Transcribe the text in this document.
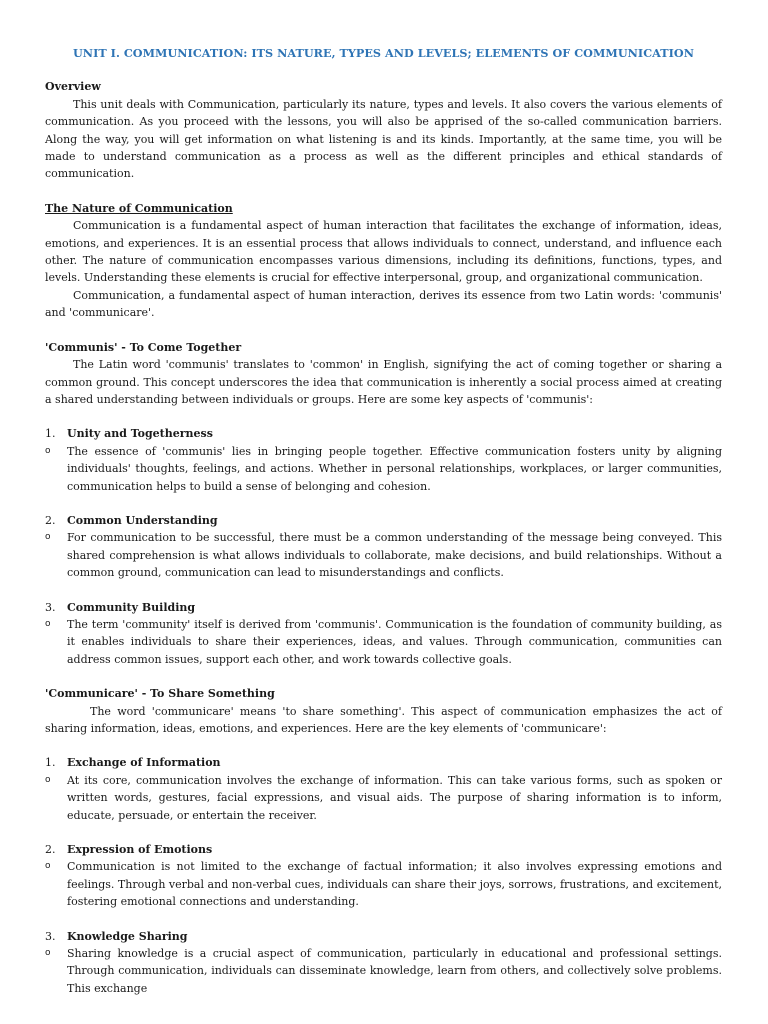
UNIT I. COMMUNICATION: ITS NATURE, TYPES AND LEVELS; ELEMENTS OF COMMUNICATION
Overview

This unit deals with Communication, particularly its nature, types and levels. It also covers the various elements of communication. As you proceed with the lessons, you will also be apprised of the so-called communication barriers. Along the way, you will get information on what listening is and its kinds. Importantly, at the same time, you will be made to understand communication as a process as well as the different principles and ethical standards of communication.

The Nature of Communication

Communication is a fundamental aspect of human interaction that facilitates the exchange of information, ideas, emotions, and experiences. It is an essential process that allows individuals to connect, understand, and influence each other. The nature of communication encompasses various dimensions, including its definitions, functions, types, and levels. Understanding these elements is crucial for effective interpersonal, group, and organizational communication.

Communication, a fundamental aspect of human interaction, derives its essence from two Latin words: 'communis' and 'communicare'.

'Communis' - To Come Together

The Latin word 'communis' translates to 'common' in English, signifying the act of coming together or sharing a common ground. This concept underscores the idea that communication is inherently a social process aimed at creating a shared understanding between individuals or groups. Here are some key aspects of 'communis':

1.	Unity and Togetherness
o	The essence of 'communis' lies in bringing people together. Effective communication fosters unity by aligning individuals' thoughts, feelings, and actions. Whether in personal relationships, workplaces, or larger communities, communication helps to build a sense of belonging and cohesion.
2.	Common Understanding
o	For communication to be successful, there must be a common understanding of the message being conveyed. This shared comprehension is what allows individuals to collaborate, make decisions, and build relationships. Without a common ground, communication can lead to misunderstandings and conflicts.
3.	Community Building
o	The term 'community' itself is derived from 'communis'. Communication is the foundation of community building, as it enables individuals to share their experiences, ideas, and values. Through communication, communities can address common issues, support each other, and work towards collective goals.
'Communicare' - To Share Something

The word 'communicare' means 'to share something'. This aspect of communication emphasizes the act of sharing information, ideas, emotions, and experiences. Here are the key elements of 'communicare':

1.	Exchange of Information
o	At its core, communication involves the exchange of information. This can take various forms, such as spoken or written words, gestures, facial expressions, and visual aids. The purpose of sharing information is to inform, educate, persuade, or entertain the receiver.
2.	Expression of Emotions
o	Communication is not limited to the exchange of factual information; it also involves expressing emotions and feelings. Through verbal and non-verbal cues, individuals can share their joys, sorrows, frustrations, and excitement, fostering emotional connections and understanding.
3.	Knowledge Sharing
o	Sharing knowledge is a crucial aspect of communication, particularly in educational and professional settings. Through communication, individuals can disseminate knowledge, learn from others, and collectively solve problems. This exchange
